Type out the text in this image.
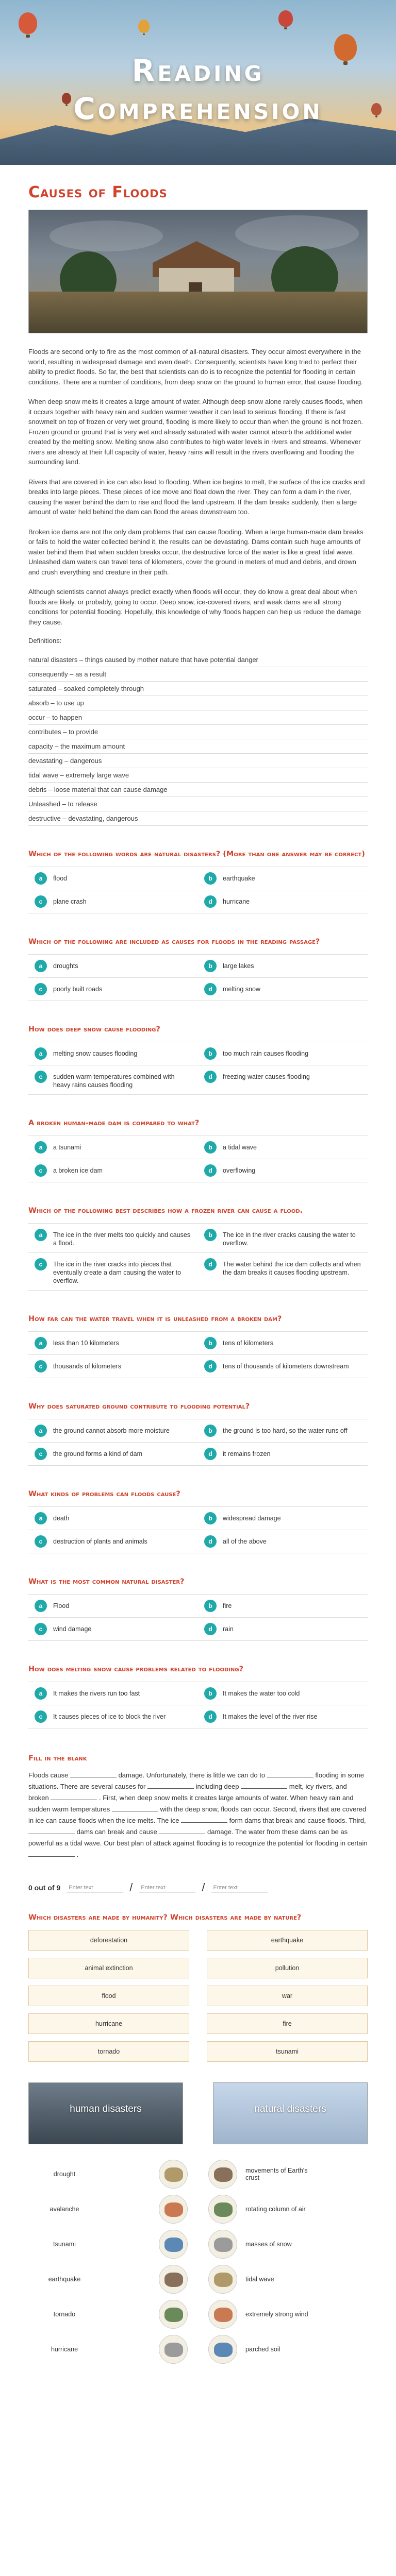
Reading
Comprehension
Causes of Floods

Floods are second only to fire as the most common of all-natural disasters. They occur almost everywhere in the world, resulting in widespread damage and even death. Consequently, scientists have long tried to perfect their ability to predict floods. So far, the best that scientists can do is to recognize the potential for flooding in certain conditions. There are a number of conditions, from deep snow on the ground to human error, that cause flooding.

When deep snow melts it creates a large amount of water. Although deep snow alone rarely causes floods, when it occurs together with heavy rain and sudden warmer weather it can lead to serious flooding. If there is fast snowmelt on top of frozen or very wet ground, flooding is more likely to occur than when the ground is not frozen. Frozen ground or ground that is very wet and already saturated with water cannot absorb the additional water created by the melting snow. Melting snow also contributes to high water levels in rivers and streams. Whenever rivers are already at their full capacity of water, heavy rains will result in the rivers overflowing and flooding the surrounding land.

Rivers that are covered in ice can also lead to flooding. When ice begins to melt, the surface of the ice cracks and breaks into large pieces. These pieces of ice move and float down the river. They can form a dam in the river, causing the water behind the dam to rise and flood the land upstream. If the dam breaks suddenly, then a large amount of water held behind the dam can flood the areas downstream too.

Broken ice dams are not the only dam problems that can cause flooding. When a large human-made dam breaks or fails to hold the water collected behind it, the results can be devastating. Dams contain such huge amounts of water behind them that when sudden breaks occur, the destructive force of the water is like a great tidal wave. Unleashed dam waters can travel tens of kilometers, cover the ground in meters of mud and debris, and drown and crush everything and creature in their path.

Although scientists cannot always predict exactly when floods will occur, they do know a great deal about when floods are likely, or probably, going to occur. Deep snow, ice-covered rivers, and weak dams are all strong conditions for potential flooding. Hopefully, this knowledge of why floods happen can help us reduce the damage they cause.

Definitions:
natural disasters – things caused by mother nature that have potential danger
consequently – as a result
saturated – soaked completely through
absorb – to use up
occur – to happen
contributes – to provide
capacity – the maximum amount
devastating – dangerous
tidal wave – extremely large wave
debris – loose material that can cause damage
Unleashed – to release
destructive – devastating, dangerous
Which of the following words are natural disasters? (More than one answer may be correct)
a	flood	b	earthquake
c	plane crash	d	hurricane
Which of the following are included as causes for floods in the reading passage?
a	droughts	b	large lakes
c	poorly built roads	d	melting snow
How does deep snow cause flooding?
a	melting snow causes flooding	b	too much rain causes flooding
c	sudden warm temperatures combined with heavy rains causes flooding
d	freezing water causes flooding
A broken human-made dam is compared to what?
a	a tsunami	b	a tidal wave
c	a broken ice dam	d	overflowing
Which of the following best describes how a frozen river can cause a flood.
a	The ice in the river melts too quickly and causes a flood.
b	The ice in the river cracks causing the water to overflow.
c	The ice in the river cracks into pieces that eventually create a dam causing the water to overflow.
d	The water behind the ice dam collects and when the dam breaks it causes flooding upstream.
How far can the water travel when it is unleashed from a broken dam?
a	less than 10 kilometers	b	tens of kilometers
c	thousands of kilometers	d	tens of thousands of kilometers downstream
Why does saturated ground contribute to flooding potential?
a	the ground cannot absorb more moisture	b	the ground is too hard, so the water runs off
c	the ground forms a kind of dam	d	it remains frozen
What kinds of problems can floods cause?
a	death	b	widespread damage
c	destruction of plants and animals	d	all of the above
What is the most common natural disaster?
a	Flood	b	fire
c	wind damage	d	rain
How does melting snow cause problems related to flooding?
a	It makes the rivers run too fast	b	It makes the water too cold
c	It causes pieces of ice to block the river	d	It makes the level of the river rise
Fill in the blank
Floods cause	damage. Unfortunately, there is little we can do to	flooding in some situations. There are several causes for	including deep	melt, icy rivers, and broken	. First, when deep snow melts it creates large amounts of water. When heavy rain and sudden warm temperatures	with the deep snow, floods can occur. Second, rivers that are covered in ice can cause floods when the ice melts. The ice	form dams that break and cause floods. Third,  dams can break and cause	damage. The water from these dams can be as powerful as a tidal wave. Our best plan of attack against flooding is to recognize the potential for flooding in certain  .
0 out of 9	Enter text	/	Enter text	/	Enter text
Which disasters are made by humanity? Which disasters are made by nature?
deforestation	earthquake
animal extinction	pollution
flood	war
hurricane	fire
tornado	tsunami
human disasters	natural disasters
drought	movements of Earth's crust
avalanche	rotating column of air
tsunami	masses of snow
earthquake	tidal wave
tornado	extremely strong wind
hurricane	parched soil
